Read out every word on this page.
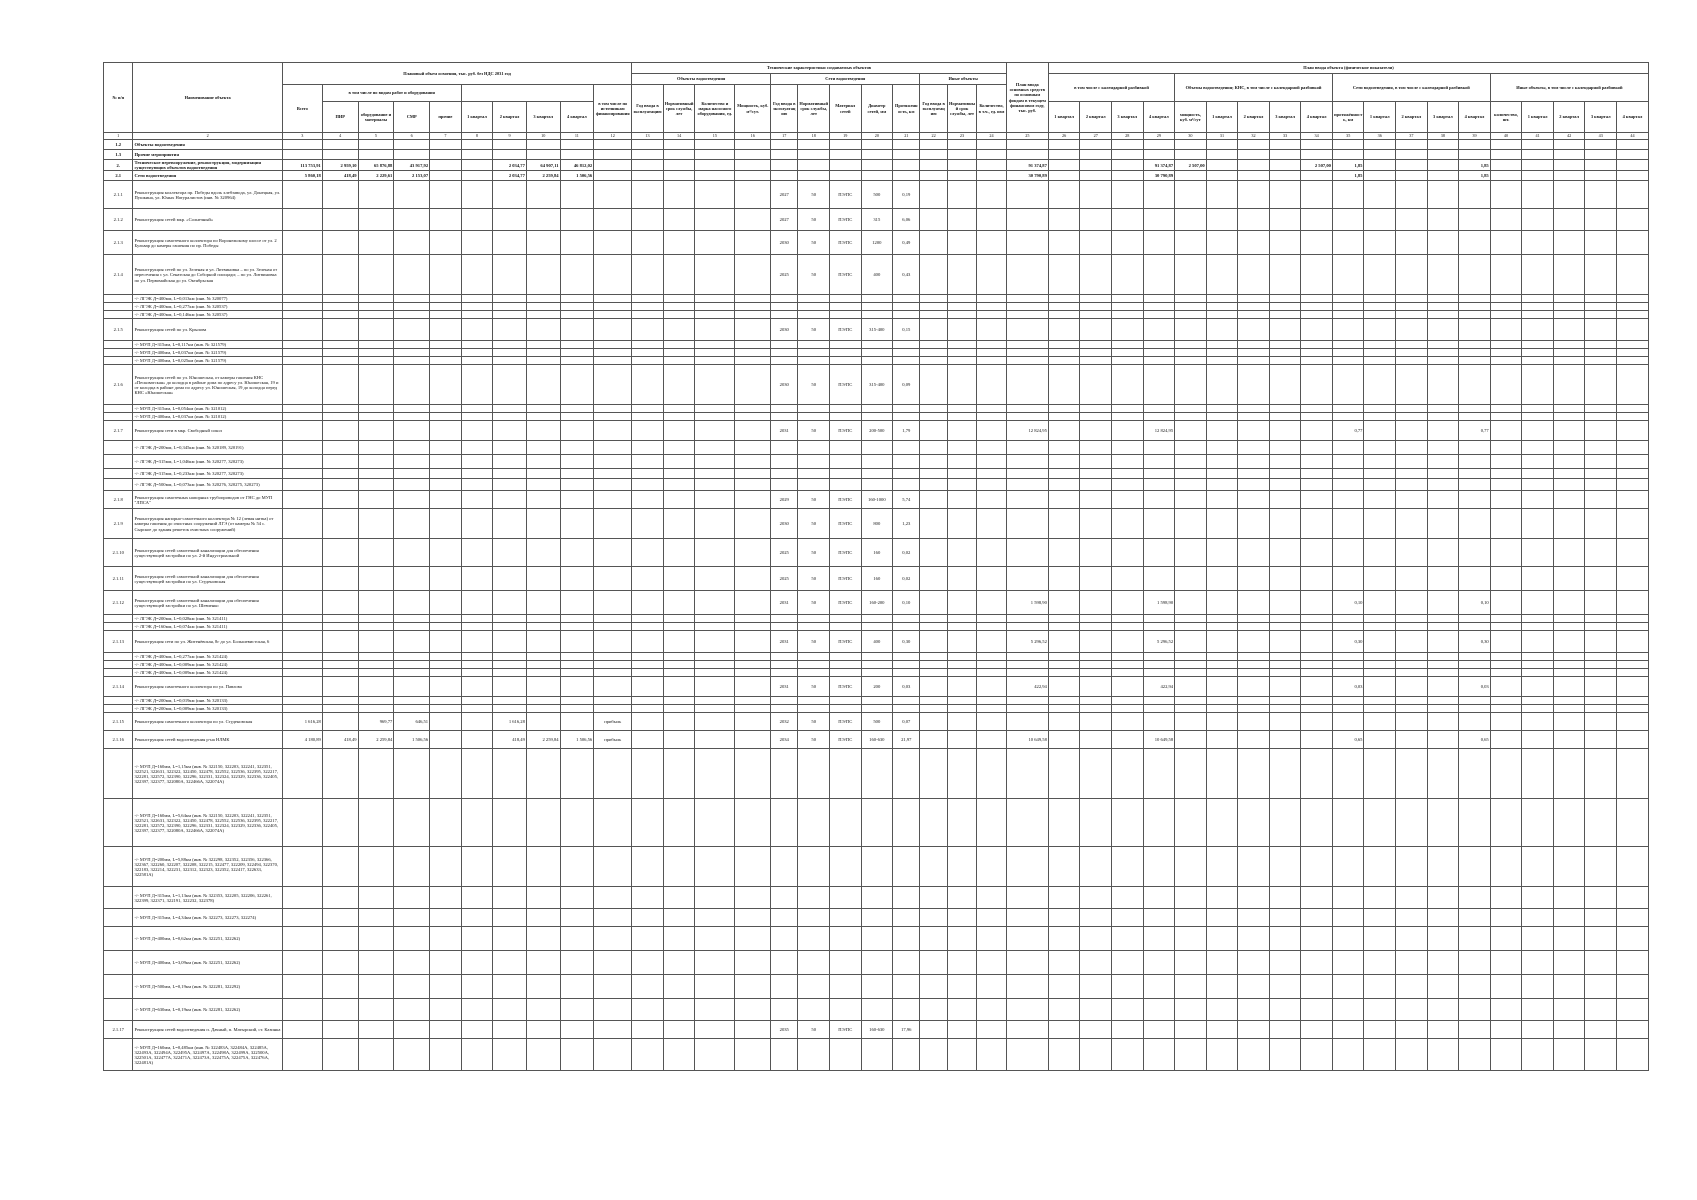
№ п/п	Наименование объекта	Плановый объем освоения, тыс. руб. без НДС 2031 год										Технические характеристики создаваемых объектов												План ввода основных средств по основным фондам в текущем финансовом году, тыс. руб.	План ввода объекта (физические показатели)																		
												Объекты водоотведения				Сети водоотведения					Иные объекты				в том числе с календарной разбивкой				Объемы водоотведения; КНС, в том числе с календарной разбивкой					Сети водоотведения, в том числе с календарной разбивкой					Иные объекты, в том числе с календарной разбивкой				
		Всего	в том числе по видам работ и оборудования								в том числе по источникам финансирования	Год ввода в эксплуатацию	Нормативный срок службы, лет	Количество и марка насосного оборудования, ед.	Мощность, куб. м³/сут.	Год ввода в эксплуатацию	Нормативный срок службы, лет	Материал сетей	Диаметр сетей, мм	Протяженность, км	Год ввода в эксплуатацию	Нормативный срок службы, лет	Количество, в т.ч., ед. изм																				
			ПИР	оборудование и материалы	СМР	прочие	1 квартал	2 квартал	3 квартал	4 квартал															1 квартал	2 квартал	3 квартал	4 квартал	мощность, куб. м³/сут	1 квартал	2 квартал	3 квартал	4 квартал	протяжённость, км	1 квартал	2 квартал	3 квартал	4 квартал	количество, шт.	1 квартал	2 квартал	3 квартал	4 квартал
1	2	3	4	5	6	7	8	9	10	11	12	13	14	15	16	17	18	19	20	21	22	23	24	25	26	27	28	29	30	31	32	33	34	35	36	37	38	39	40	41	42	43	44
1.2	Объекты водоотведения																																										
1.3	Прочие мероприятия																																										
2.	Техническое перевооружение, реконструкция, модернизация существующих объектов водоотведения	113 753,91	2 959,10	65 876,88	43 917,92			2 034,77	64 907,11	46 812,02														91 374,87				91 374,87	2 507,00				2 507,00	1,85				1,85					
2.1	Сети водоотведения	5 860,18	418,49	2 229,61	2 153,07			2 034,77	2 259,84	1 506,56														30 790,89				30 790,89						1,85				1,85					
2.1.1	Реконструкция коллектора пр. Победы вдоль хлебзавода, ул. Донецкая, ул. Пушкина, ул. Юных Натуралистов (инв. № 320964)															2027	50	ПЭ/ПС	500	0,19																							
2.1.2	Реконструкция сетей мкр. «Солнечный»															2027	50	ПЭ/ПС	315	6,06																							
2.1.3	Реконструкция самотечного коллектора по Воронежскому шоссе от ул. 2 Бульвар до камеры гашения по пр. Победы															2030	50	ПЭ/ПС	1200	0,49																							
2.1.4	Реконструкция сетей по ул. Зеленая и ул. Литвиновка – по ул. Зеленая от пересечения с ул. Сенатская до Соборной площади; – по ул. Литвиновка по ул. Первомайская до ул. Октябрьская															2025	50	ПЭ/ПС	400	0,43																							
	-/- ЛГЭК Д=400мм, L=0,013км (инв. № 320077)																																										
	-/- ЛГЭК Д=400мм, L=0,277км (инв. № 320537)																																										
	-/- ЛГЭК Д=400мм, L=0,146км (инв. № 320537)																																										
2.1.5	Реконструкция сетей по ул. Крылова															2030	50	ПЭ/ПС	315-400	0,15																							
	-/- МУП Д=315мм, L=0,117км (инв. № 321579)																																										
	-/- МУП Д=400мм, L=0,037км (инв. № 321579)																																										
	-/- МУП Д=400мм, L=0,025км (инв. № 321579)																																										
2.1.6	Реконструкция сетей по ул. Юношеская, от камеры гашения КНС «Песковатская» до колодца в районе дома по адресу ул. Юношеская, 19 и от колодца в районе дома по адресу ул. Юношеская, 19 до колодца перед КНС «Юношеская»															2030	50	ПЭ/ПС	315-400	0,09																							
	-/- МУП Д=315мм, L=0,054км (инв. № 321012)																																										
	-/- МУП Д=400мм, L=0,037км (инв. № 321012)																																										
2.1.7	Реконструкция сети в мкр. Свободный сокол															2031	50	ПЭ/ПС	200-500	1,79				12 824,95				12 824,95						0,77				0,77					
	-/- ЛГЭК Д=200мм, L=0,345км (инв. № 320189, 320191)																																										
	-/- ЛГЭК Д=315мм, L=1,046км (инв. № 320277, 320273)																																										
	-/- ЛГЭК Д=315мм, L=0,233км (инв. № 320277, 320273)																																										
	-/- ЛГЭК Д=500мм, L=0,073км (инв. № 320276, 320275, 320273)																																										
2.1.8	Реконструкция самотечных напорных трубопроводов от ГНС до МУП "ЛПСА"															2029	50	ПЭ/ПС	160-1000	5,74																							
2.1.9	Реконструкция напорно-самотечного коллектора № 12 (левая нитка) от камеры гашения до очистных сооружений ЛГЭ (от камеры № 54 с. Сырское до здания решеток очистных сооружений)															2030	50	ПЭ/ПС	800	1,23																							
2.1.10	Реконструкция сетей самотечной канализации для обеспечения существующей застройки по ул. 2-й Индустриальной															2025	50	ПЭ/ПС	160	0,02																							
2.1.11	Реконструкция сетей самотечной канализации для обеспечения существующей застройки по ул. Студеновская															2025	50	ПЭ/ПС	160	0,02																							
2.1.12	Реконструкция сетей самотечной канализации для обеспечения существующей застройки по ул. Шевченко															2031	50	ПЭ/ПС	160-200	0,10				1 598,90				1 598,90						0,10				0,10					
	-/- ЛГЭК Д=200мм, L=0,028км (инв. № 321411)																																										
	-/- ЛГЭК Д=160мм, L=0,074км (инв. № 321411)																																										
2.1.13	Реконструкция сети по ул. Житенёвская, 8г до ул. Большевистская, 6															2031	50	ПЭ/ПС	400	0,30				5 296,52				5 296,52						0,30				0,30					
	-/- ЛГЭК Д=400мм, L=0,277км (инв. № 321424)																																										
	-/- ЛГЭК Д=400мм, L=0,009км (инв. № 321424)																																										
	-/- ЛГЭК Д=400мм, L=0,009км (инв. № 321424)																																										
2.1.14	Реконструкция самотечного коллектора по ул. Павлова															2031	50	ПЭ/ПС	200	0,03				422,94				422,94						0,03				0,03					
	-/- ЛГЭК Д=200мм, L=0,019км (инв. № 320133)																																										
	-/- ЛГЭК Д=200мм, L=0,009км (инв. № 320133)																																										
2.1.15	Реконструкция самотечного коллектора по ул. Студеновская	1 616,28		969,77	646,51			1 616,28			прибыль					2032	50	ПЭ/ПС	500	0,07																							
2.1.16	Реконструкция сетей водоотведения р-на НЛМК	4 180,89	418,49	2 259,84	1 506,56			418,49	2 259,84	1 506,56	прибыль					2034	50	ПЭ/ПС	160-630	21,97				10 649,58				10 649,58						0,65				0,65					
	-/- МУП Д=160мм, L=1,15км (инв. № 322150, 322203, 322241, 322351, 322521, 322631, 322322, 322450, 322478, 322552, 322536, 322395, 322217, 322281, 322572, 322390, 322296, 322331, 322324, 322329, 322336, 322405, 322397, 322377, 322080А, 322466А, 322074А)																																										
	-/- МУП Д=160мм, L=5,64км (инв. № 322150, 322203, 322241, 322351, 322521, 322631, 322322, 322450, 322478, 322552, 322536, 322395, 322217, 322281, 322572, 322390, 322296, 322331, 322324, 322329, 322336, 322405, 322397, 322377, 322080А, 322466А, 322074А)																																										
	-/- МУП Д=200мм, L=5,88км (инв. № 322298, 322352, 322356, 322366, 322367, 322260, 322207, 322208, 322215, 322477, 322209, 322494, 322370, 322183, 322214, 322231, 322312, 322323, 322352, 322417, 322633, 322581А)																																										
	-/- МУП Д=315мм, L=1,13км (инв. № 322353, 322205, 322206, 322261, 322399, 322371, 322191, 322232, 322378)																																										
	-/- МУП Д=315мм, L=4,34км (инв. № 322273, 322273, 322274)																																										
	-/- МУП Д=400мм, L=0,62км (инв. № 322251, 322262)																																										
	-/- МУП Д=400мм, L=3,09км (инв. № 322251, 322262)																																										
	-/- МУП Д=500мм, L=0,19км (инв. № 322281, 322292)																																										
	-/- МУП Д=630мм, L=0,19км (инв. № 322281, 322262)																																										
2.1.17	Реконструкция сетей водоотведения п. Дачный, п. Матырский, ст. Казинка															2035	50	ПЭ/ПС	160-630	17,96																							
	-/- МУП Д=160мм, L=0,485км (инв. № 322483А, 322484А, 322485А, 322493А, 322494А, 322495А, 322497А, 322498А, 322499А, 322500А, 322501А, 322477А, 322471А, 322473А, 322475А, 322475А, 322476А, 322481А)																																										
